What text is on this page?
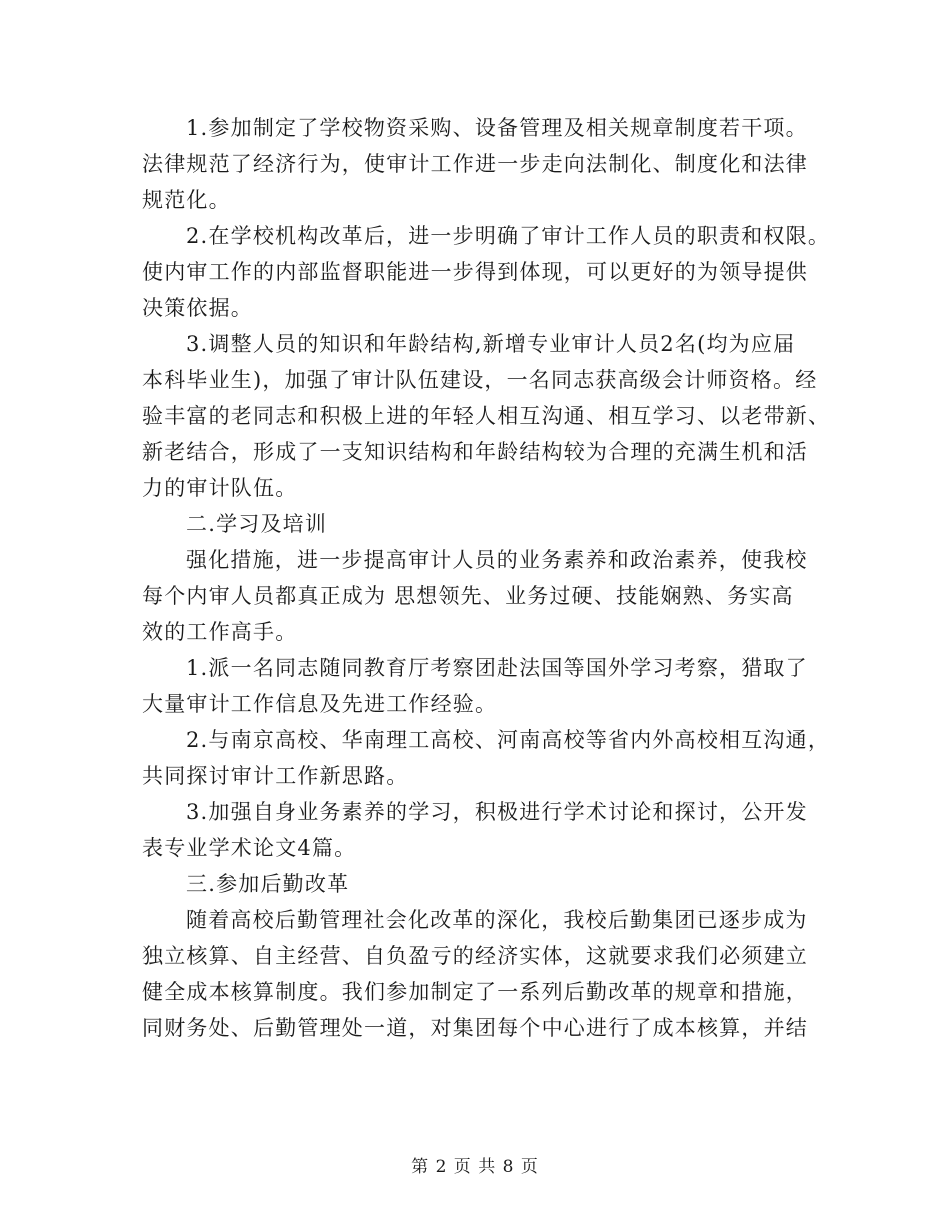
1.参加制定了学校物资采购、设备管理及相关规章制度若干项。
法律规范了经济行为，使审计工作进一步走向法制化、制度化和法律
规范化。
2.在学校机构改革后，进一步明确了审计工作人员的职责和权限。
使内审工作的内部监督职能进一步得到体现，可以更好的为领导提供
决策依据。
3.调整人员的知识和年龄结构,新增专业审计人员2名(均为应届
本科毕业生)，加强了审计队伍建设，一名同志获高级会计师资格。经
验丰富的老同志和积极上进的年轻人相互沟通、相互学习、以老带新、
新老结合，形成了一支知识结构和年龄结构较为合理的充满生机和活
力的审计队伍。
二.学习及培训
强化措施，进一步提高审计人员的业务素养和政治素养，使我校
每个内审人员都真正成为 思想领先、业务过硬、技能娴熟、务实高
效的工作高手。
1.派一名同志随同教育厅考察团赴法国等国外学习考察，猎取了
大量审计工作信息及先进工作经验。
2.与南京高校、华南理工高校、河南高校等省内外高校相互沟通，
共同探讨审计工作新思路。
3.加强自身业务素养的学习，积极进行学术讨论和探讨，公开发
表专业学术论文4篇。
三.参加后勤改革
随着高校后勤管理社会化改革的深化，我校后勤集团已逐步成为
独立核算、自主经营、自负盈亏的经济实体，这就要求我们必须建立
健全成本核算制度。我们参加制定了一系列后勤改革的规章和措施，
同财务处、后勤管理处一道，对集团每个中心进行了成本核算，并结
第 2 页 共 8 页
